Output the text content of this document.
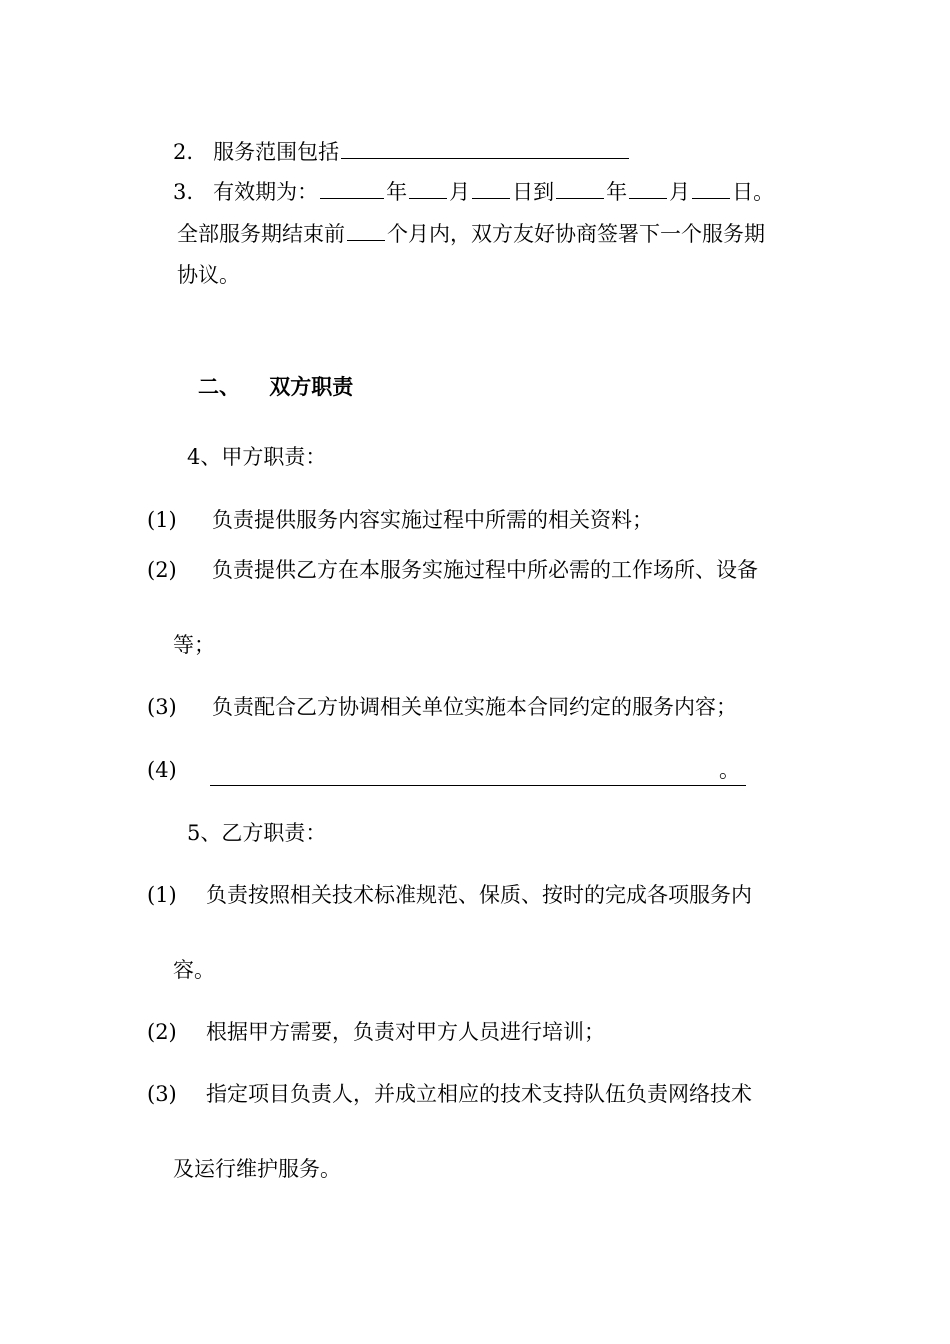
2. 服务范围包括
3. 有效期为：	年 月 日到 年 月 日。
全部服务期结束前 个月内，双方友好协商签署下一个服务期
协议。
二、 双方职责
4、甲方职责：
(1) 负责提供服务内容实施过程中所需的相关资料；
(2) 负责提供乙方在本服务实施过程中所必需的工作场所、设备
等；
(3) 负责配合乙方协调相关单位实施本合同约定的服务内容；
(4)	。
5、乙方职责：
(1) 负责按照相关技术标准规范、保质、按时的完成各项服务内
容。
(2) 根据甲方需要，负责对甲方人员进行培训；
(3) 指定项目负责人，并成立相应的技术支持队伍负责网络技术
及运行维护服务。
